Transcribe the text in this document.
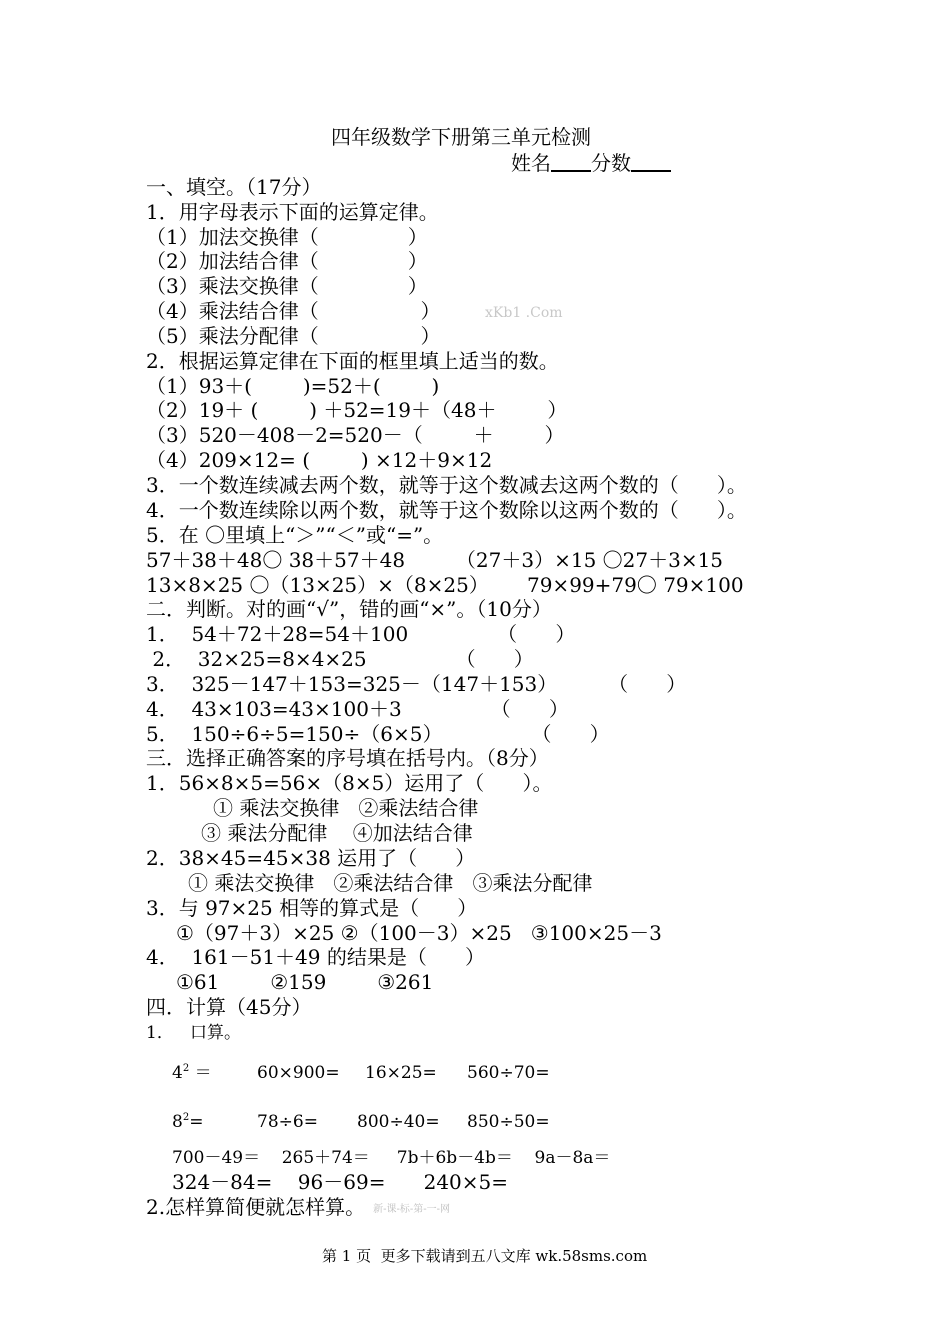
四年级数学下册第三单元检测
姓名 分数
一、填空。（17分）
1．用字母表示下面的运算定律。
（1）加法交换律（              ）
（2）加法结合律（              ）
（3）乘法交换律（              ）
（4）乘法结合律（                ）	xKb1 .Com
（5）乘法分配律（                ）
2．根据运算定律在下面的框里填上适当的数。
（1）93＋(        )=52＋(        )
（2）19＋ (        ) ＋52=19＋（48＋        ）
（3）520－408－2=520－（        ＋        ）
（4）209×12= (        ) ×12＋9×12
3．一个数连续减去两个数，就等于这个数减去这两个数的（      ）。
4．一个数连续除以两个数，就等于这个数除以这两个数的（      ）。
5．在 〇里填上“＞”“＜”或“=”。
57＋38＋48〇 38＋57＋48        （27＋3）×15 〇27＋3×15
13×8×25 〇（13×25）×（8×25）      79×99+79〇 79×100
二．判断。对的画“√”，错的画“×”。（10分）
1．  54＋72＋28=54＋100              （      ）
2．  32×25=8×4×25              （      ）
3．  325－147＋153=325－（147＋153）        （      ）
4．  43×103=43×100＋3              （      ）
5．  150÷6÷5=150÷（6×5）              （      ）
三．选择正确答案的序号填在括号内。（8分）
1．56×8×5=56×（8×5）运用了（      ）。
① 乘法交换律   ②乘法结合律
③ 乘法分配律    ④加法结合律
2．38×45=45×38 运用了（      ）
① 乘法交换律   ②乘法结合律   ③乘法分配律
3．与 97×25 相等的算式是（      ）
①（97＋3）×25 ②（100－3）×25   ③100×25－3
4．  161－51＋49 的结果是（      ）
①61        ②159        ③261
四．计算（45分）
1．   口算。
$4^2$ ＝	60×900= 16×25= 560÷70=
$8^2=$	78÷6= 800÷40= 850÷50=
700－49＝    265＋74＝     7b＋6b－4b＝    9a－8a＝
324－84=    96－69=      240×5=
2.怎样算简便就怎样算。 新-课-标-第-一-网
第 1 页  更多下载请到五八文库 wk.58sms.com
